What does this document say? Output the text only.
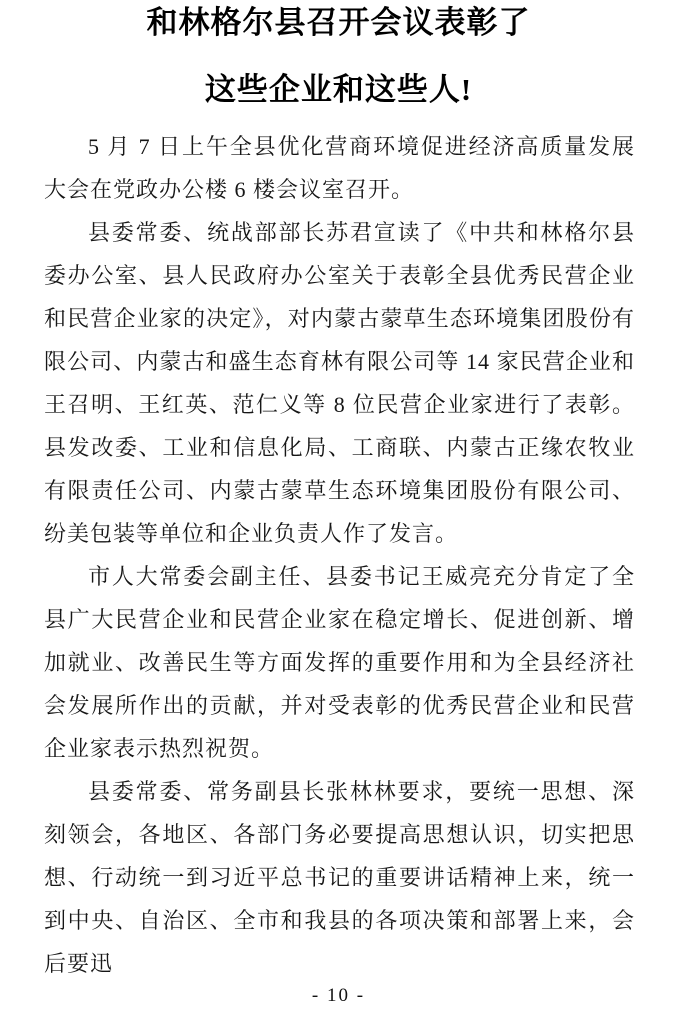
和林格尔县召开会议表彰了
这些企业和这些人!

5 月 7 日上午全县优化营商环境促进经济高质量发展大会在党政办公楼 6 楼会议室召开。

县委常委、统战部部长苏君宣读了《中共和林格尔县委办公室、县人民政府办公室关于表彰全县优秀民营企业和民营企业家的决定》，对内蒙古蒙草生态环境集团股份有限公司、内蒙古和盛生态育林有限公司等 14 家民营企业和王召明、王红英、范仁义等 8 位民营企业家进行了表彰。县发改委、工业和信息化局、工商联、内蒙古正缘农牧业有限责任公司、内蒙古蒙草生态环境集团股份有限公司、纷美包装等单位和企业负责人作了发言。

市人大常委会副主任、县委书记王威亮充分肯定了全县广大民营企业和民营企业家在稳定增长、促进创新、增加就业、改善民生等方面发挥的重要作用和为全县经济社会发展所作出的贡献，并对受表彰的优秀民营企业和民营企业家表示热烈祝贺。

县委常委、常务副县长张林林要求，要统一思想、深刻领会，各地区、各部门务必要提高思想认识，切实把思想、行动统一到习近平总书记的重要讲话精神上来，统一到中央、自治区、全市和我县的各项决策和部署上来，会后要迅

- 10 -
